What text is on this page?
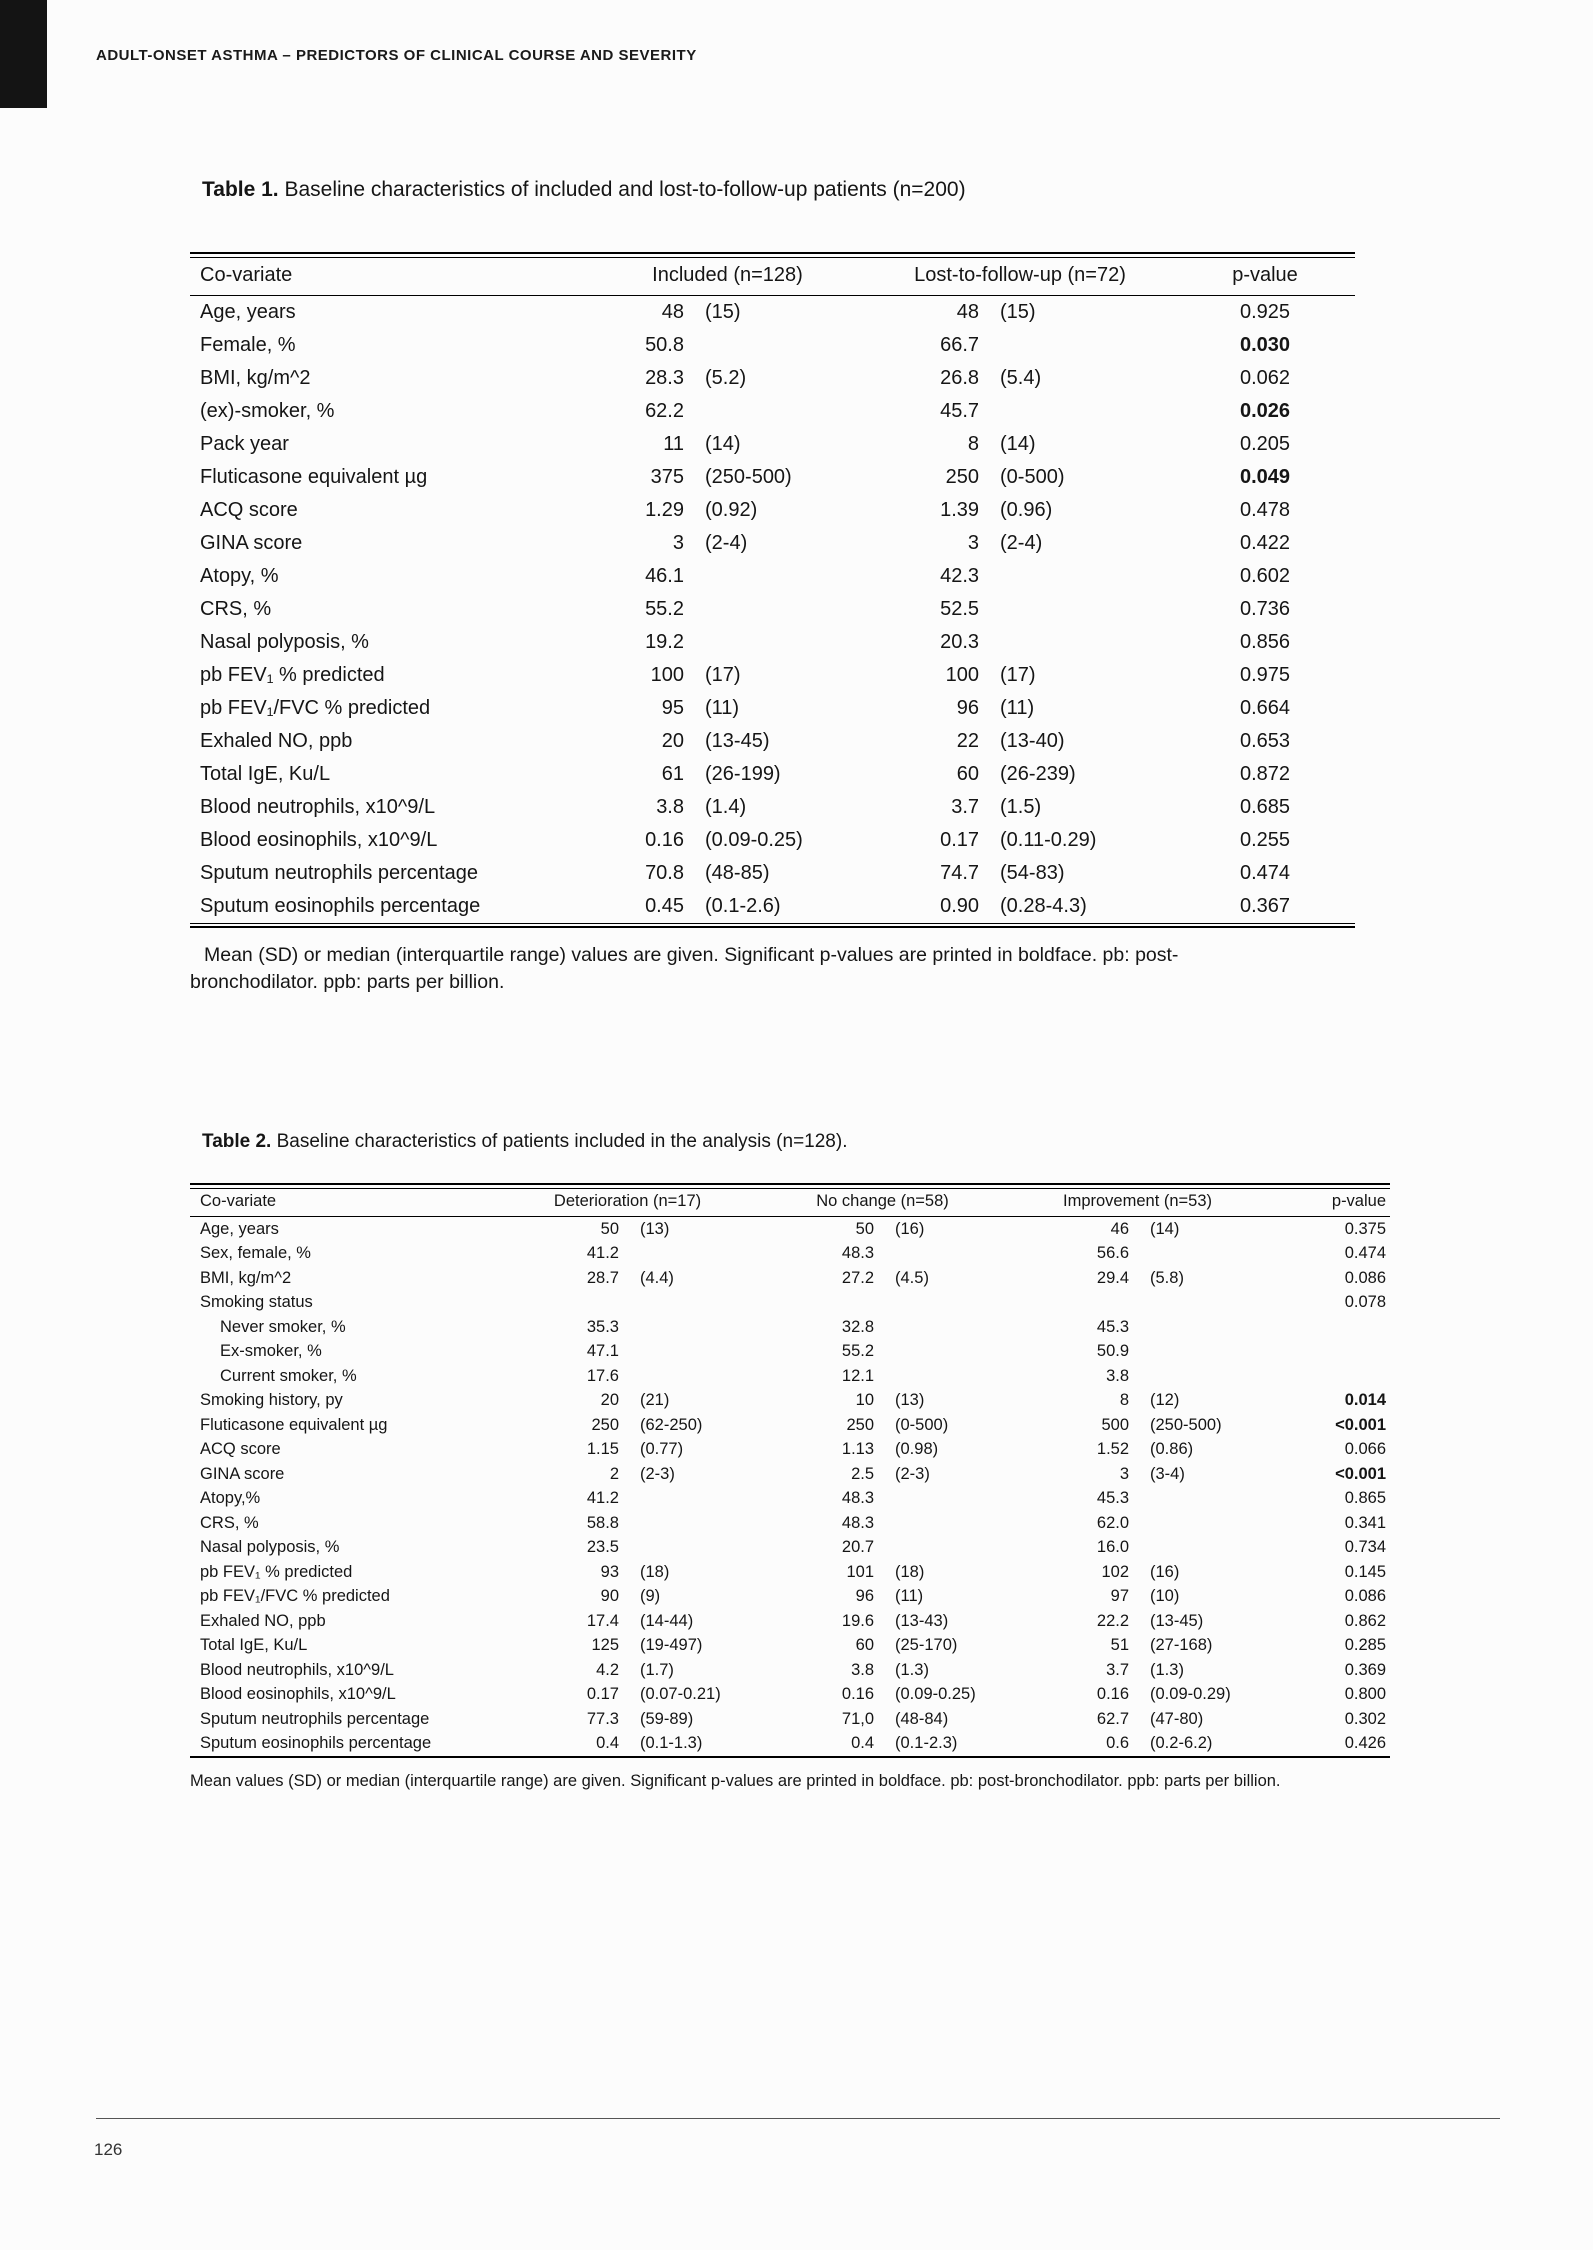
ADULT-ONSET ASTHMA – PREDICTORS OF CLINICAL COURSE AND SEVERITY

Table 1. Baseline characteristics of included and lost-to-follow-up patients (n=200)

Co-variate	Included (n=128)		Lost-to-follow-up (n=72)		p-value
Age, years	48	(15)	48	(15)	0.925
Female, %	50.8		66.7		0.030
BMI, kg/m^2	28.3	(5.2)	26.8	(5.4)	0.062
(ex)-smoker, %	62.2		45.7		0.026
Pack year	11	(14)	8	(14)	0.205
Fluticasone equivalent µg	375	(250-500)	250	(0-500)	0.049
ACQ score	1.29	(0.92)	1.39	(0.96)	0.478
GINA score	3	(2-4)	3	(2-4)	0.422
Atopy, %	46.1		42.3		0.602
CRS, %	55.2		52.5		0.736
Nasal polyposis, %	19.2		20.3		0.856
pb FEV₁ % predicted	100	(17)	100	(17)	0.975
pb FEV₁/FVC % predicted	95	(11)	96	(11)	0.664
Exhaled NO, ppb	20	(13-45)	22	(13-40)	0.653
Total IgE, Ku/L	61	(26-199)	60	(26-239)	0.872
Blood neutrophils, x10^9/L	3.8	(1.4)	3.7	(1.5)	0.685
Blood eosinophils, x10^9/L	0.16	(0.09-0.25)	0.17	(0.11-0.29)	0.255
Sputum neutrophils percentage	70.8	(48-85)	74.7	(54-83)	0.474
Sputum eosinophils percentage	0.45	(0.1-2.6)	0.90	(0.28-4.3)	0.367

Mean (SD) or median (interquartile range) values are given. Significant p-values are printed in boldface. pb: post-bronchodilator. ppb: parts per billion.

Table 2. Baseline characteristics of patients included in the analysis (n=128).

Co-variate	Deterioration (n=17)		No change (n=58)		Improvement (n=53)		p-value
Age, years	50	(13)	50	(16)	46	(14)	0.375
Sex, female, %	41.2		48.3		56.6		0.474
BMI, kg/m^2	28.7	(4.4)	27.2	(4.5)	29.4	(5.8)	0.086
Smoking status							0.078
Never smoker, %	35.3		32.8		45.3		
Ex-smoker, %	47.1		55.2		50.9		
Current smoker, %	17.6		12.1		3.8		
Smoking history, py	20	(21)	10	(13)	8	(12)	0.014
Fluticasone equivalent µg	250	(62-250)	250	(0-500)	500	(250-500)	<0.001
ACQ score	1.15	(0.77)	1.13	(0.98)	1.52	(0.86)	0.066
GINA score	2	(2-3)	2.5	(2-3)	3	(3-4)	<0.001
Atopy,%	41.2		48.3		45.3		0.865
CRS, %	58.8		48.3		62.0		0.341
Nasal polyposis, %	23.5		20.7		16.0		0.734
pb FEV₁ % predicted	93	(18)	101	(18)	102	(16)	0.145
pb FEV₁/FVC % predicted	90	(9)	96	(11)	97	(10)	0.086
Exhaled NO, ppb	17.4	(14-44)	19.6	(13-43)	22.2	(13-45)	0.862
Total IgE, Ku/L	125	(19-497)	60	(25-170)	51	(27-168)	0.285
Blood neutrophils, x10^9/L	4.2	(1.7)	3.8	(1.3)	3.7	(1.3)	0.369
Blood eosinophils, x10^9/L	0.17	(0.07-0.21)	0.16	(0.09-0.25)	0.16	(0.09-0.29)	0.800
Sputum neutrophils percentage	77.3	(59-89)	71,0	(48-84)	62.7	(47-80)	0.302
Sputum eosinophils percentage	0.4	(0.1-1.3)	0.4	(0.1-2.3)	0.6	(0.2-6.2)	0.426

Mean values (SD) or median (interquartile range) are given. Significant p-values are printed in boldface. pb: post-bronchodilator. ppb: parts per billion.

126
